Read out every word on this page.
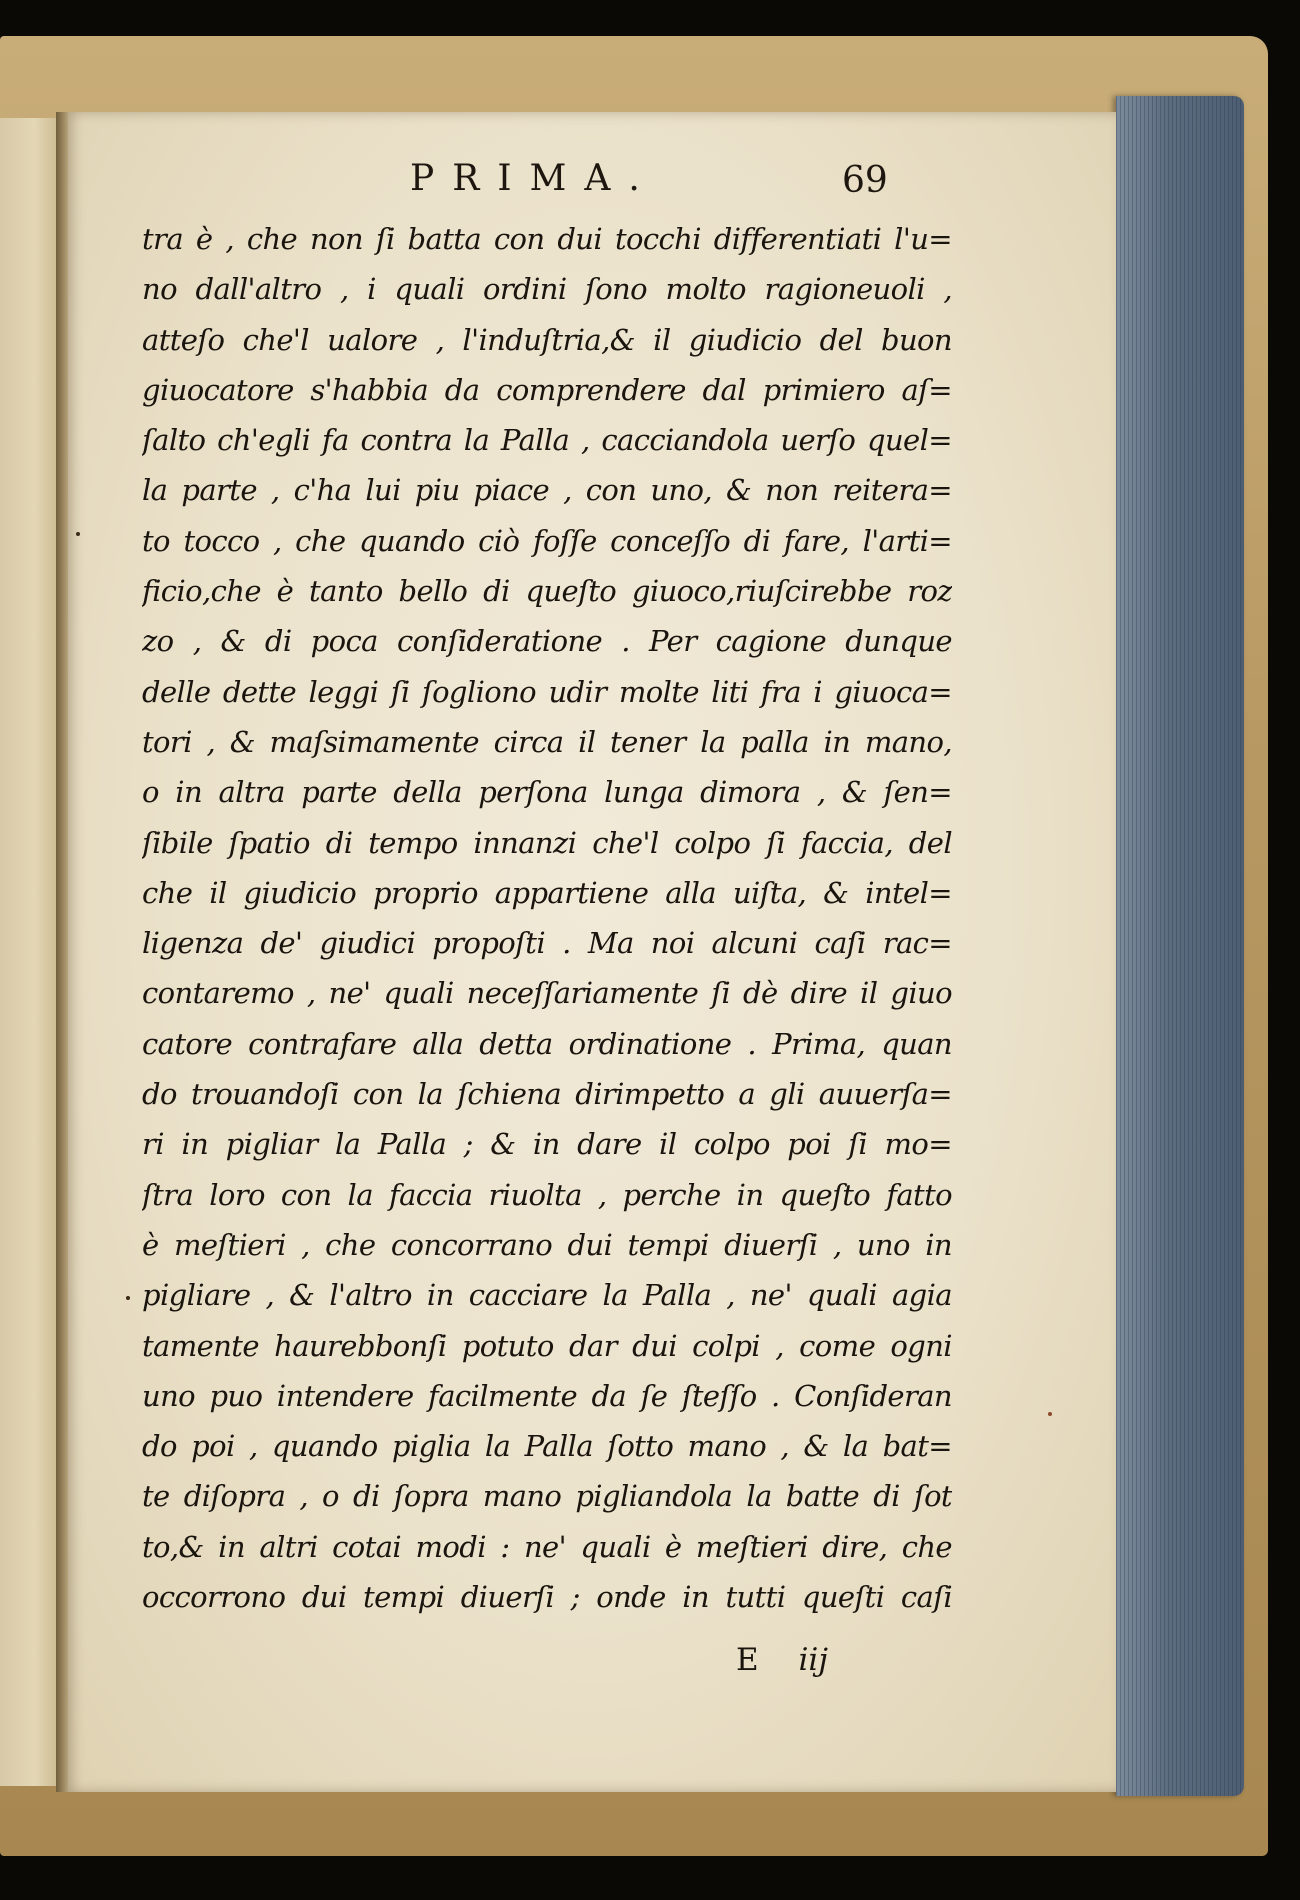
PRIMA.	69
tra è , che non ſi batta con dui tocchi differentiati l'u=
no dall'altro , i quali ordini ſono molto ragioneuoli ,
atteſo che'l ualore , l'induſtria,& il giudicio del buon
giuocatore s'habbia da comprendere dal primiero aſ=
ſalto ch'egli fa contra la Palla , cacciandola uerſo quel=
la parte , c'ha lui piu piace , con uno, & non reitera=
to tocco , che quando ciò foſſe conceſſo di fare, l'arti=
ficio,che è tanto bello di queſto giuoco,riuſcirebbe roz
zo , & di poca conſideratione . Per cagione dunque
delle dette leggi ſi ſogliono udir molte liti fra i giuoca=
tori , & maſsimamente circa il tener la palla in mano,
o in altra parte della perſona lunga dimora , & ſen=
ſibile ſpatio di tempo innanzi che'l colpo ſi faccia, del
che il giudicio proprio appartiene alla uiſta, & intel=
ligenza de' giudici propoſti . Ma noi alcuni caſi rac=
contaremo , ne' quali neceſſariamente ſi dè dire il giuo
catore contrafare alla detta ordinatione . Prima, quan
do trouandoſi con la ſchiena dirimpetto a gli auuerſa=
ri in pigliar la Palla ; & in dare il colpo poi ſi mo=
ſtra loro con la faccia riuolta , perche in queſto fatto
è meſtieri , che concorrano dui tempi diuerſi , uno in
pigliare , & l'altro in cacciare la Palla , ne' quali agia
tamente haurebbonſi potuto dar dui colpi , come ogni
uno puo intendere facilmente da ſe ſteſſo . Conſideran
do poi , quando piglia la Palla ſotto mano , & la bat=
te diſopra , o di ſopra mano pigliandola la batte di ſot
to,& in altri cotai modi : ne' quali è meſtieri dire, che
occorrono dui tempi diuerſi ; onde in tutti queſti caſi
E iij
